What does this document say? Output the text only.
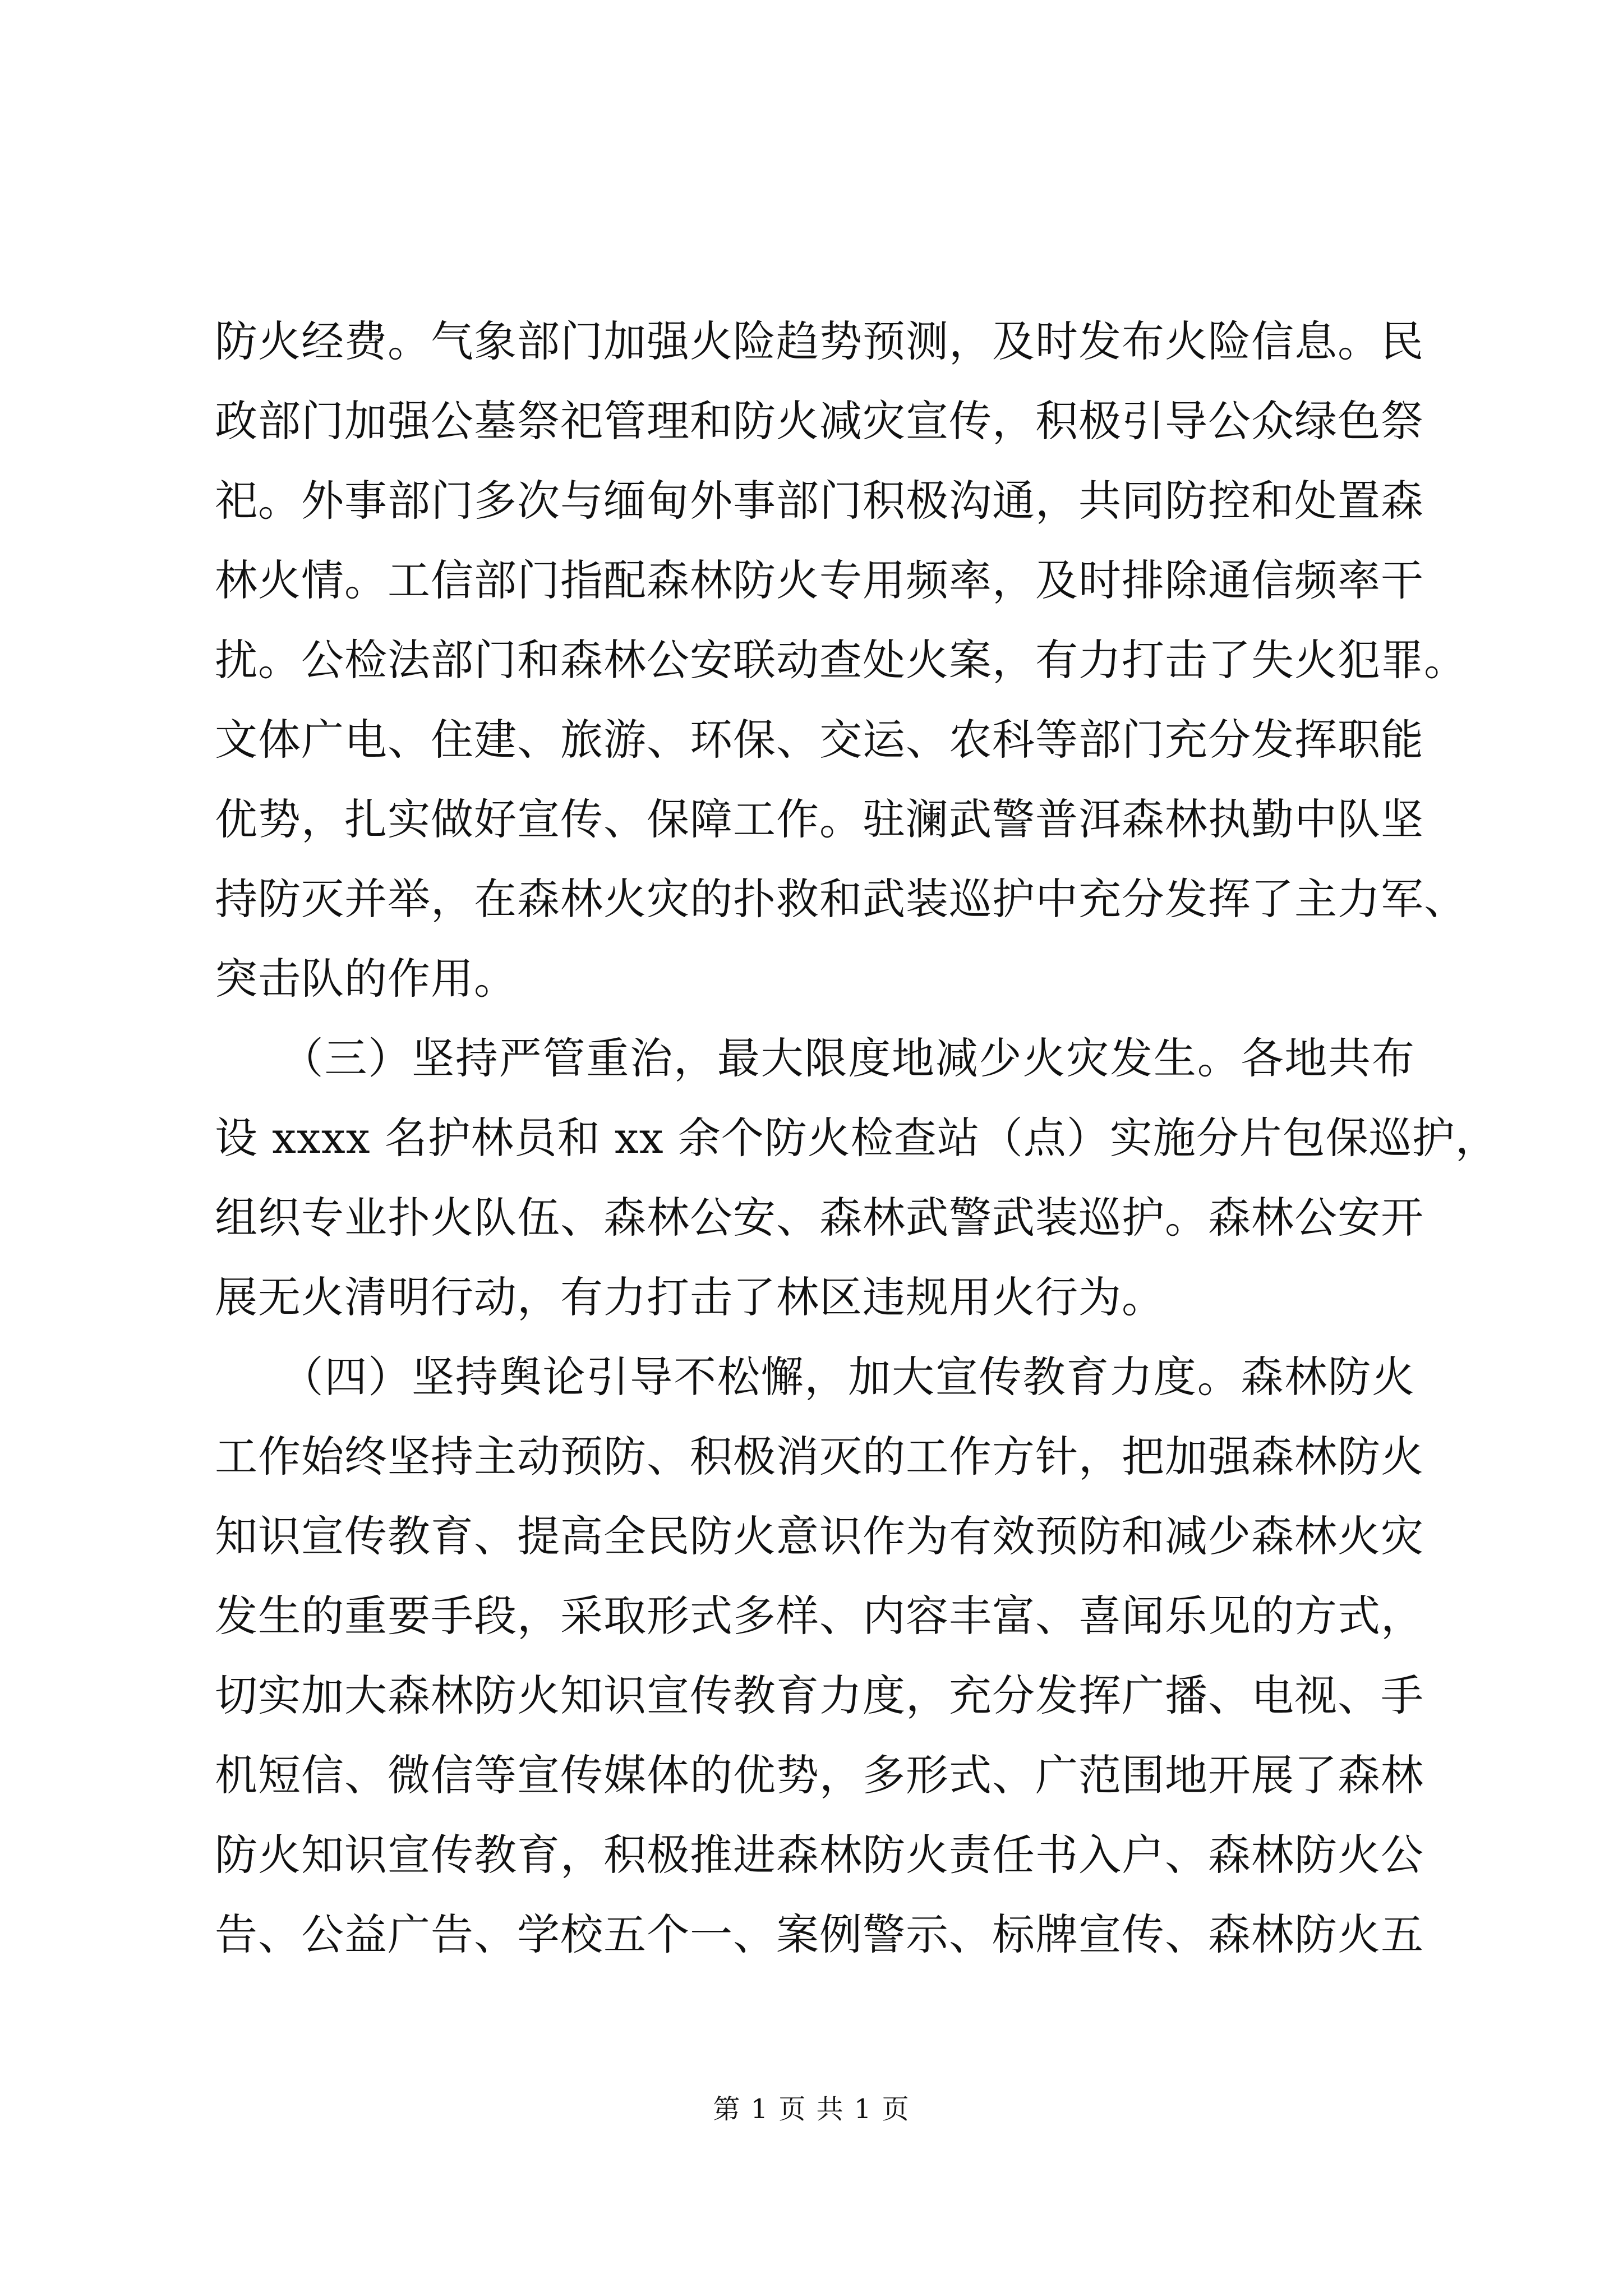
防火经费。气象部门加强火险趋势预测，及时发布火险信息。民
政部门加强公墓祭祀管理和防火减灾宣传，积极引导公众绿色祭
祀。外事部门多次与缅甸外事部门积极沟通，共同防控和处置森
林火情。工信部门指配森林防火专用频率，及时排除通信频率干
扰。公检法部门和森林公安联动查处火案，有力打击了失火犯罪。
文体广电、住建、旅游、环保、交运、农科等部门充分发挥职能
优势，扎实做好宣传、保障工作。驻澜武警普洱森林执勤中队坚
持防灭并举，在森林火灾的扑救和武装巡护中充分发挥了主力军、
突击队的作用。
　　（三）坚持严管重治，最大限度地减少火灾发生。各地共布
设 xxxx 名护林员和 xx 余个防火检查站（点）实施分片包保巡护，
组织专业扑火队伍、森林公安、森林武警武装巡护。森林公安开
展无火清明行动，有力打击了林区违规用火行为。
　　（四）坚持舆论引导不松懈，加大宣传教育力度。森林防火
工作始终坚持主动预防、积极消灭的工作方针，把加强森林防火
知识宣传教育、提高全民防火意识作为有效预防和减少森林火灾
发生的重要手段，采取形式多样、内容丰富、喜闻乐见的方式，
切实加大森林防火知识宣传教育力度，充分发挥广播、电视、手
机短信、微信等宣传媒体的优势，多形式、广范围地开展了森林
防火知识宣传教育，积极推进森林防火责任书入户、森林防火公
告、公益广告、学校五个一、案例警示、标牌宣传、森林防火五
第 1 页 共 1 页
